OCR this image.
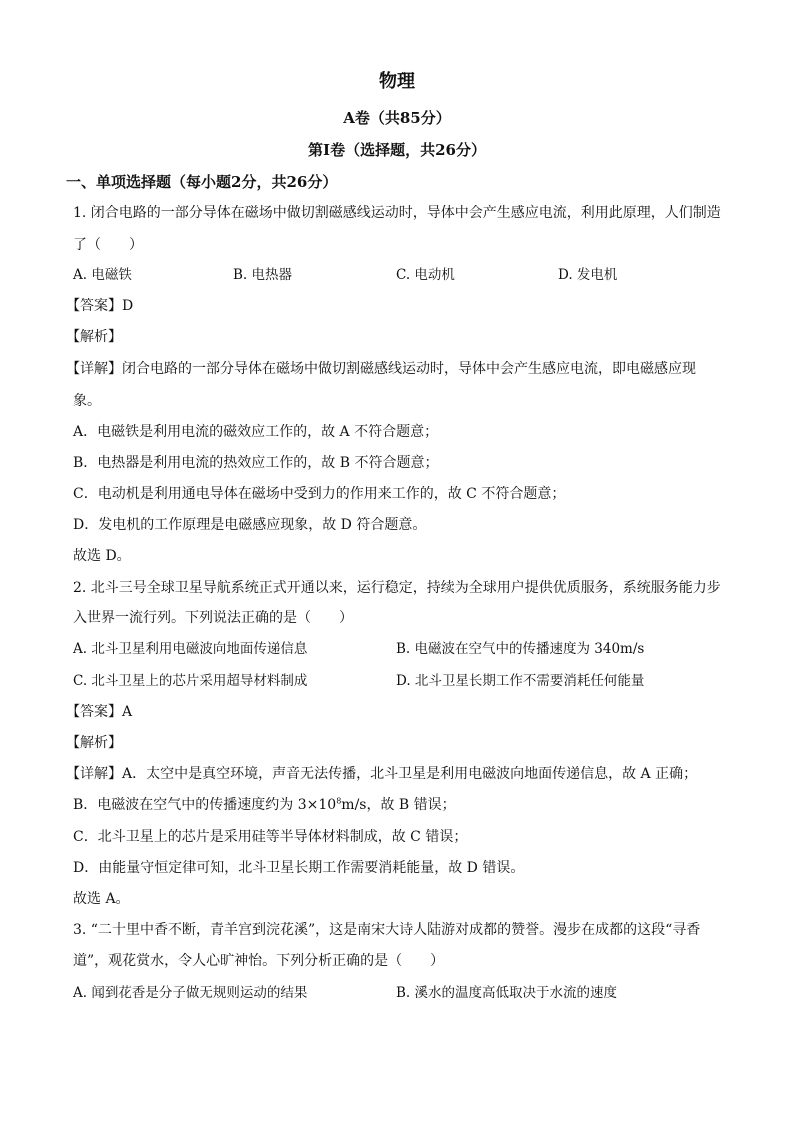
物理
A卷（共85分）
第Ⅰ卷（选择题，共26分）
一、单项选择题（每小题2分，共26分）
1. 闭合电路的一部分导体在磁场中做切割磁感线运动时，导体中会产生感应电流，利用此原理，人们制造
了（　　）
A. 电磁铁	B. 电热器	C. 电动机	D. 发电机
【答案】D
【解析】
【详解】闭合电路的一部分导体在磁场中做切割磁感线运动时，导体中会产生感应电流，即电磁感应现
象。
A．电磁铁是利用电流的磁效应工作的，故 A 不符合题意；
B．电热器是利用电流的热效应工作的，故 B 不符合题意；
C．电动机是利用通电导体在磁场中受到力的作用来工作的，故 C 不符合题意；
D．发电机的工作原理是电磁感应现象，故 D 符合题意。
故选 D。
2. 北斗三号全球卫星导航系统正式开通以来，运行稳定，持续为全球用户提供优质服务，系统服务能力步
入世界一流行列。下列说法正确的是（　　）
A. 北斗卫星利用电磁波向地面传递信息	B. 电磁波在空气中的传播速度为 340m/s
C. 北斗卫星上的芯片采用超导材料制成	D. 北斗卫星长期工作不需要消耗任何能量
【答案】A
【解析】
【详解】A．太空中是真空环境，声音无法传播，北斗卫星是利用电磁波向地面传递信息，故 A 正确；
B．电磁波在空气中的传播速度约为 $3\times 10^8m/s$，故 B 错误；
C．北斗卫星上的芯片是采用硅等半导体材料制成，故 C 错误；
D．由能量守恒定律可知，北斗卫星长期工作需要消耗能量，故 D 错误。
故选 A。
3. “二十里中香不断，青羊宫到浣花溪”，这是南宋大诗人陆游对成都的赞誉。漫步在成都的这段“寻香
道”，观花赏水，令人心旷神怡。下列分析正确的是（　　）
A. 闻到花香是分子做无规则运动的结果	B. 溪水的温度高低取决于水流的速度
